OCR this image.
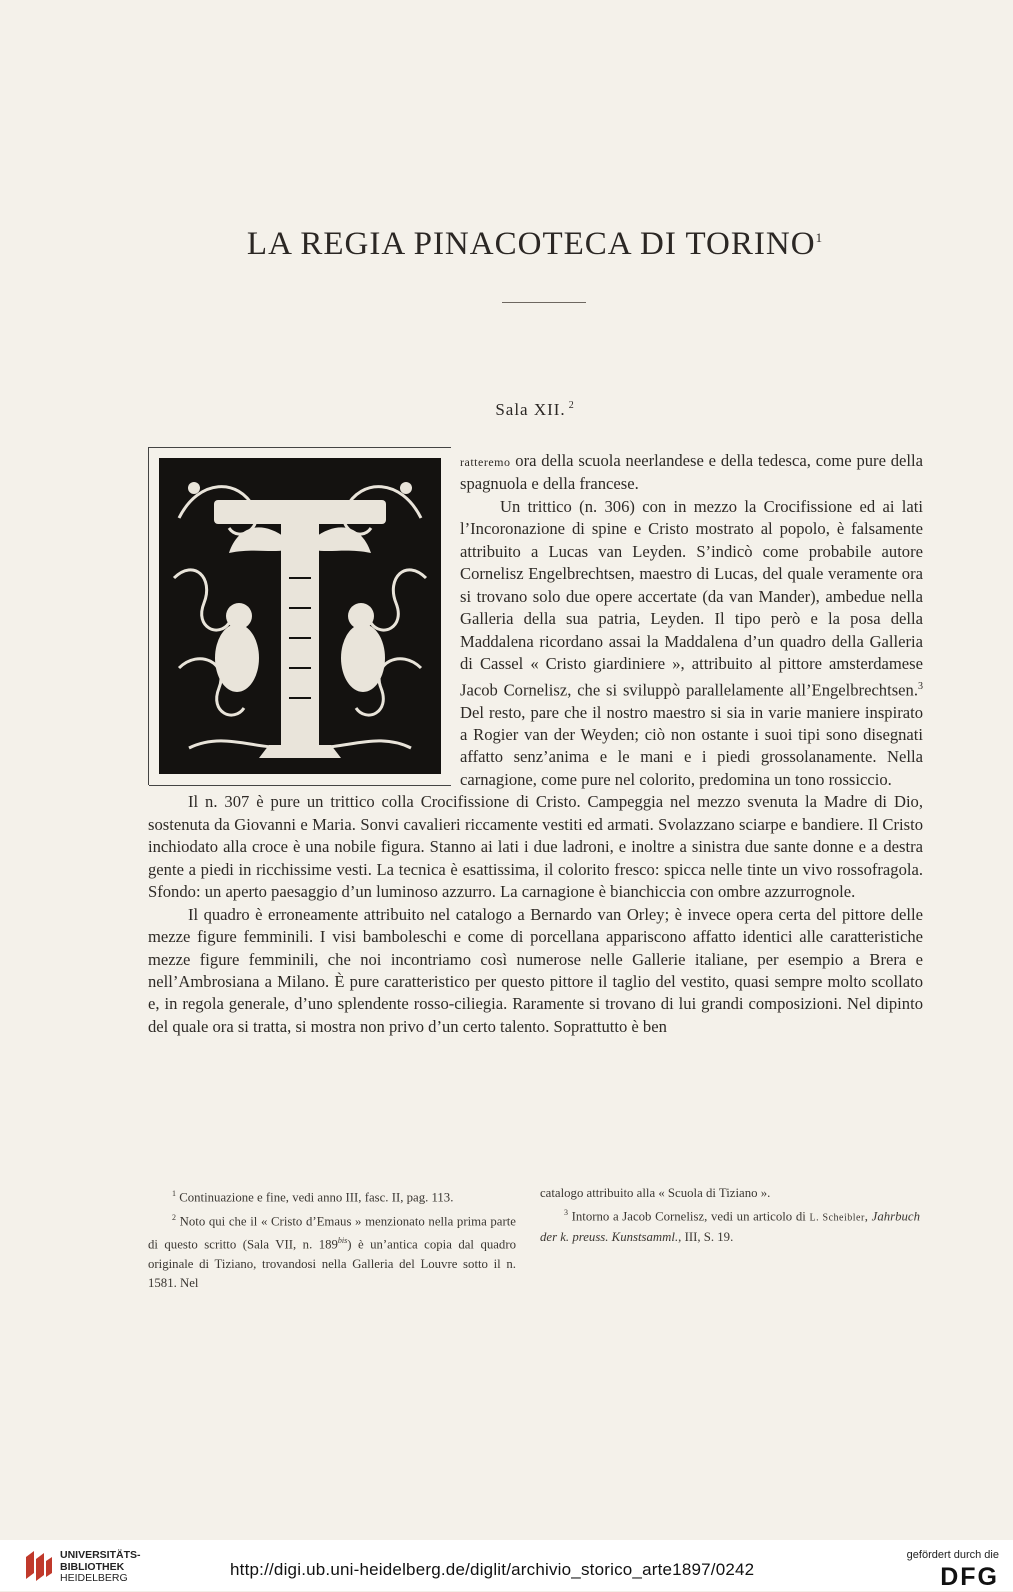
LA REGIA PINACOTECA DI TORINO$^1$
Sala XII. $^2$

ratteremo ora della scuola neerlandese e della tedesca, come pure della spagnuola e della francese.

Un trittico (n. 306) con in mezzo la Crocifissione ed ai lati l’Incoronazione di spine e Cristo mostrato al popolo, è falsamente attribuito a Lucas van Leyden. S’indicò come probabile autore Cornelisz Engelbrechtsen, maestro di Lucas, del quale veramente ora si trovano solo due opere accertate (da van Mander), ambedue nella Galleria della sua patria, Leyden. Il tipo però e la posa della Maddalena ricordano assai la Maddalena d’un quadro della Galleria di Cassel « Cristo giardiniere », attribuito al pittore amsterdamese Jacob Cornelisz, che si sviluppò parallelamente all’Engelbrechtsen.$^3$ Del resto, pare che il nostro maestro si sia in varie maniere inspirato a Rogier van der Weyden; ciò non ostante i suoi tipi sono disegnati affatto senz’anima e le mani e i piedi grossolanamente. Nella carnagione, come pure nel colorito, predomina un tono rossiccio.

Il n. 307 è pure un trittico colla Crocifissione di Cristo. Campeggia nel mezzo svenuta la Madre di Dio, sostenuta da Giovanni e Maria. Sonvi cavalieri riccamente vestiti ed armati. Svolazzano sciarpe e bandiere. Il Cristo inchiodato alla croce è una nobile figura. Stanno ai lati i due ladroni, e inoltre a sinistra due sante donne e a destra gente a piedi in ricchissime vesti. La tecnica è esattissima, il colorito fresco: spicca nelle tinte un vivo rossofragola. Sfondo: un aperto paesaggio d’un luminoso azzurro. La carnagione è bianchiccia con ombre azzurrognole.

Il quadro è erroneamente attribuito nel catalogo a Bernardo van Orley; è invece opera certa del pittore delle mezze figure femminili. I visi bamboleschi e come di porcellana appariscono affatto identici alle caratteristiche mezze figure femminili, che noi incontriamo così numerose nelle Gallerie italiane, per esempio a Brera e nell’Ambrosiana a Milano. È pure caratteristico per questo pittore il taglio del vestito, quasi sempre molto scollato e, in regola generale, d’uno splendente rosso-ciliegia. Raramente si trovano di lui grandi composizioni. Nel dipinto del quale ora si tratta, si mostra non privo d’un certo talento. Soprattutto è ben

$^1$ Continuazione e fine, vedi anno III, fasc. II, pag. 113.

$^2$ Noto qui che il « Cristo d’Emaus » menzionato nella prima parte di questo scritto (Sala VII, n. $189^{bis}$) è un’antica copia dal quadro originale di Tiziano, trovandosi nella Galleria del Louvre sotto il n. 1581. Nel

catalogo attribuito alla « Scuola di Tiziano ».

$^3$ Intorno a Jacob Cornelisz, vedi un articolo di L. Scheibler, Jahrbuch der k. preuss. Kunstsamml., III, S. 19.

UNIVERSITÄTS-
BIBLIOTHEK
HEIDELBERG	http://digi.ub.uni-heidelberg.de/diglit/archivio_storico_arte1897/0242
gefördert durch die
DFG
